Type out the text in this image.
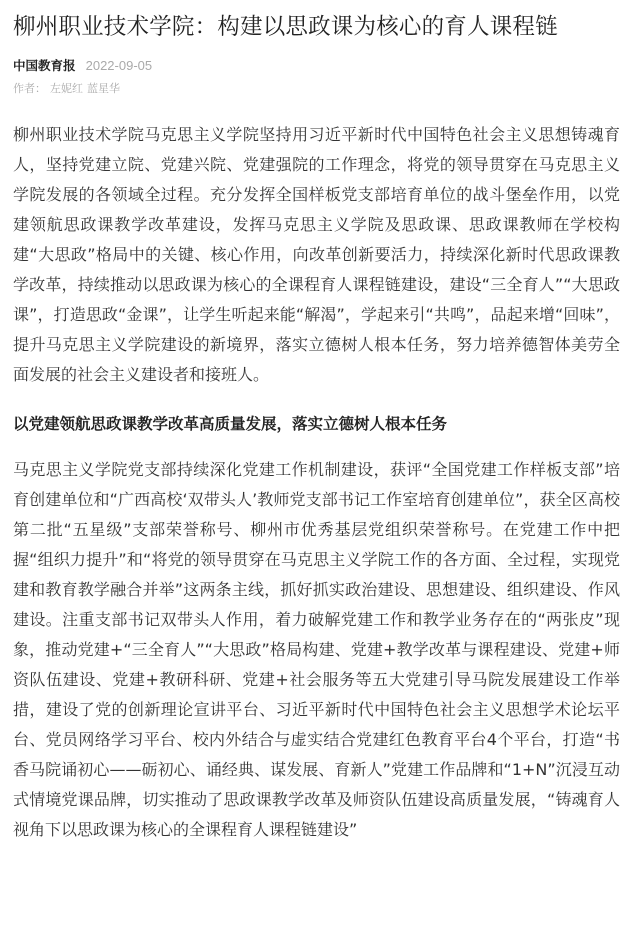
柳州职业技术学院：构建以思政课为核心的育人课程链
中国教育报 2022-09-05
作者： 左妮红 蓝星华

柳州职业技术学院马克思主义学院坚持用习近平新时代中国特色社会主义思想铸魂育人，坚持党建立院、党建兴院、党建强院的工作理念，将党的领导贯穿在马克思主义学院发展的各领域全过程。充分发挥全国样板党支部培育单位的战斗堡垒作用，以党建领航思政课教学改革建设，发挥马克思主义学院及思政课、思政课教师在学校构建“大思政”格局中的关键、核心作用，向改革创新要活力，持续深化新时代思政课教学改革，持续推动以思政课为核心的全课程育人课程链建设，建设“三全育人”“大思政课”，打造思政“金课”，让学生听起来能“解渴”，学起来引“共鸣”，品起来增“回味”，提升马克思主义学院建设的新境界，落实立德树人根本任务，努力培养德智体美劳全面发展的社会主义建设者和接班人。

以党建领航思政课教学改革高质量发展，落实立德树人根本任务

马克思主义学院党支部持续深化党建工作机制建设，获评“全国党建工作样板支部”培育创建单位和“广西高校‘双带头人’教师党支部书记工作室培育创建单位”，获全区高校第二批“五星级”支部荣誉称号、柳州市优秀基层党组织荣誉称号。在党建工作中把握“组织力提升”和“将党的领导贯穿在马克思主义学院工作的各方面、全过程，实现党建和教育教学融合并举”这两条主线，抓好抓实政治建设、思想建设、组织建设、作风建设。注重支部书记双带头人作用，着力破解党建工作和教学业务存在的“两张皮”现象，推动党建+“三全育人”“大思政”格局构建、党建+教学改革与课程建设、党建+师资队伍建设、党建+教研科研、党建+社会服务等五大党建引导马院发展建设工作举措，建设了党的创新理论宣讲平台、习近平新时代中国特色社会主义思想学术论坛平台、党员网络学习平台、校内外结合与虚实结合党建红色教育平台4个平台，打造“书香马院诵初心——砺初心、诵经典、谋发展、育新人”党建工作品牌和“1+N”沉浸互动式情境党课品牌，切实推动了思政课教学改革及师资队伍建设高质量发展，“铸魂育人视角下以思政课为核心的全课程育人课程链建设”
